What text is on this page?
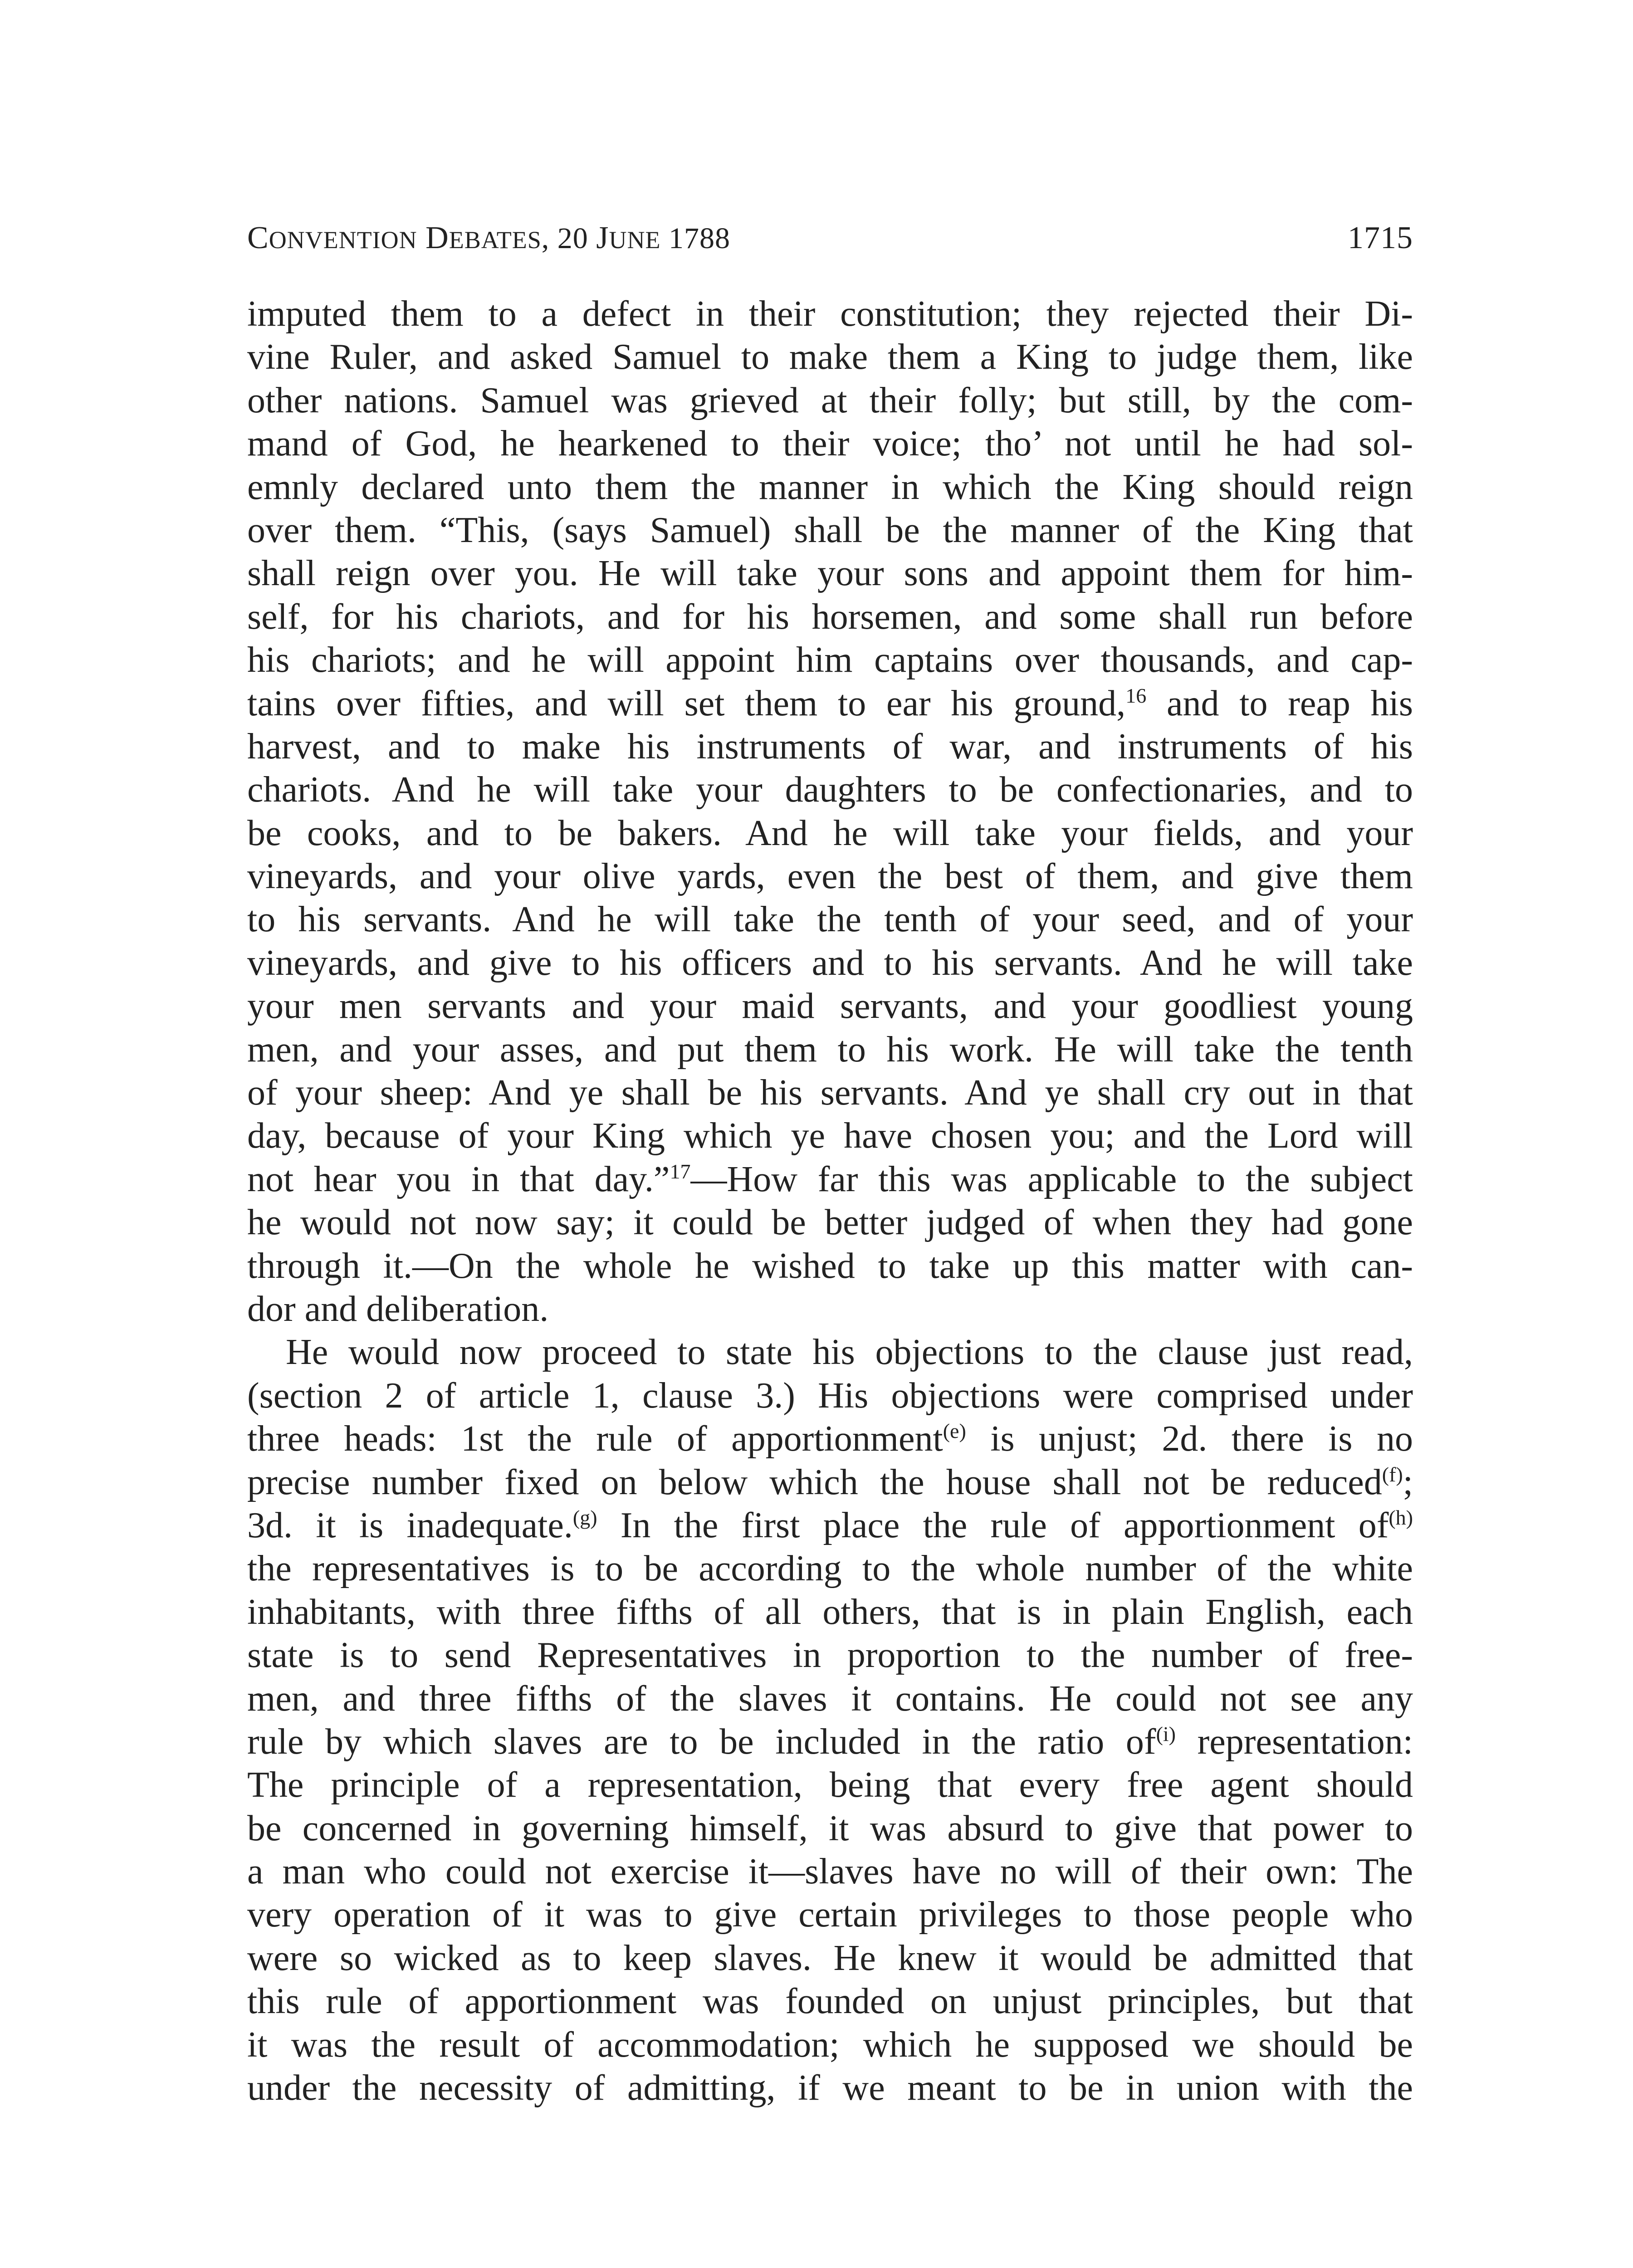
CONVENTION DEBATES, 20 JUNE 1788	1715
imputed them to a defect in their constitution; they rejected their Di-
vine Ruler, and asked Samuel to make them a King to judge them, like
other nations. Samuel was grieved at their folly; but still, by the com-
mand of God, he hearkened to their voice; tho’ not until he had sol-
emnly declared unto them the manner in which the King should reign
over them. “This, (says Samuel) shall be the manner of the King that
shall reign over you. He will take your sons and appoint them for him-
self, for his chariots, and for his horsemen, and some shall run before
his chariots; and he will appoint him captains over thousands, and cap-
tains over fifties, and will set them to ear his ground,$^{16}$ and to reap his
harvest, and to make his instruments of war, and instruments of his
chariots. And he will take your daughters to be confectionaries, and to
be cooks, and to be bakers. And he will take your fields, and your
vineyards, and your olive yards, even the best of them, and give them
to his servants. And he will take the tenth of your seed, and of your
vineyards, and give to his officers and to his servants. And he will take
your men servants and your maid servants, and your goodliest young
men, and your asses, and put them to his work. He will take the tenth
of your sheep: And ye shall be his servants. And ye shall cry out in that
day, because of your King which ye have chosen you; and the Lord will
not hear you in that day.”$^{17}$—How far this was applicable to the subject
he would not now say; it could be better judged of when they had gone
through it.—On the whole he wished to take up this matter with can-
dor and deliberation.
He would now proceed to state his objections to the clause just read,
(section 2 of article 1, clause 3.) His objections were comprised under
three heads: 1st the rule of apportionment$^{(e)}$ is unjust; 2d. there is no
precise number fixed on below which the house shall not be reduced$^{(f)}$;
3d. it is inadequate.$^{(g)}$ In the first place the rule of apportionment $of^{(h)}$
the representatives is to be according to the whole number of the white
inhabitants, with three fifths of all others, that is in plain English, each
state is to send Representatives in proportion to the number of free-
men, and three fifths of the slaves it contains. He could not see any
rule by which slaves are to be included in the ratio $of^{(i)}$ representation:
The principle of a representation, being that every free agent should
be concerned in governing himself, it was absurd to give that power to
a man who could not exercise it—slaves have no will of their own: The
very operation of it was to give certain privileges to those people who
were so wicked as to keep slaves. He knew it would be admitted that
this rule of apportionment was founded on unjust principles, but that
it was the result of accommodation; which he supposed we should be
under the necessity of admitting, if we meant to be in union with the
